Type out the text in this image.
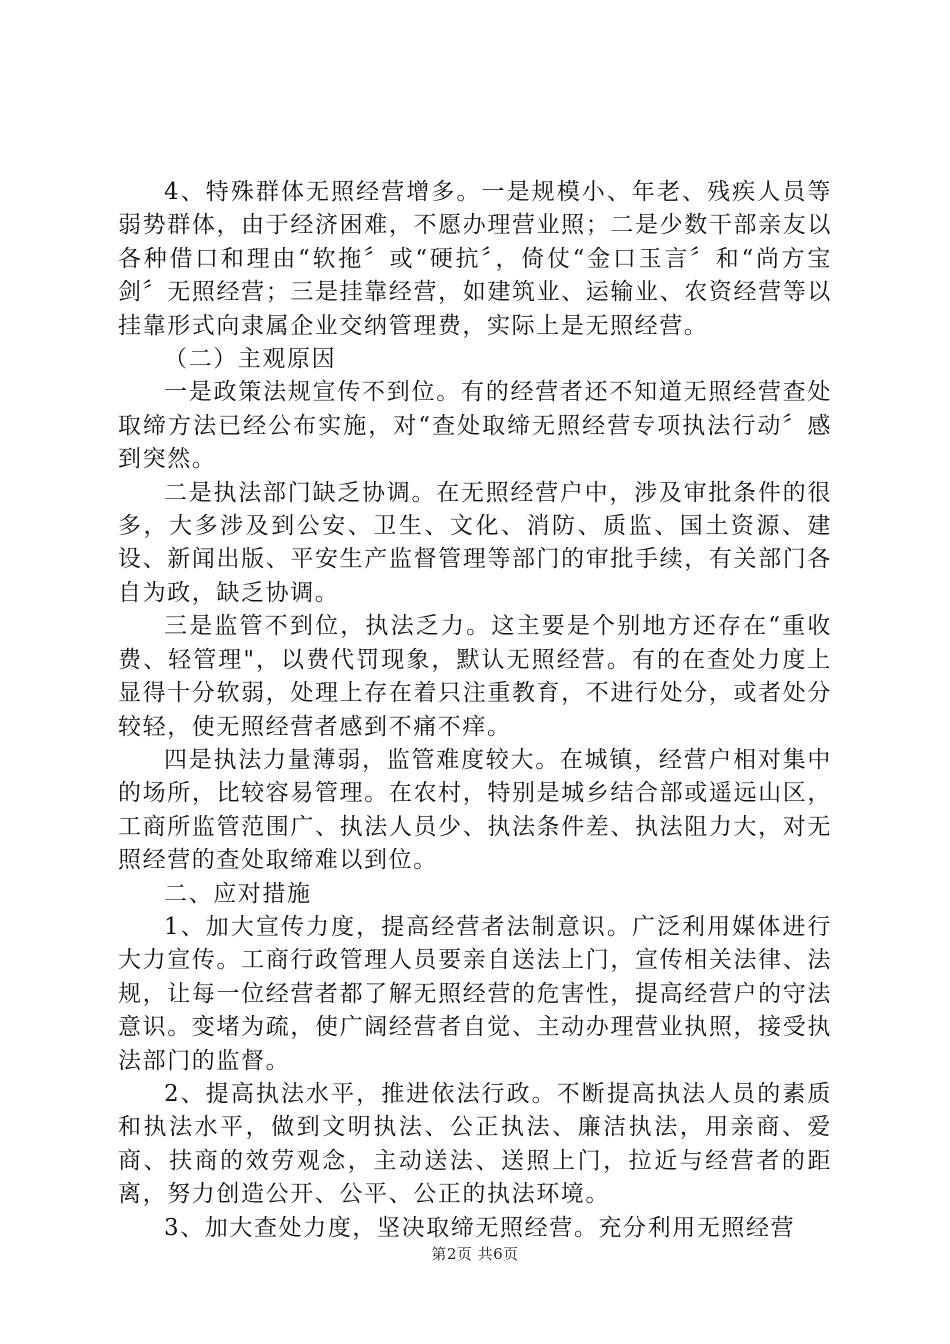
4、特殊群体无照经营增多。一是规模小、年老、残疾人员等弱势群体，由于经济困难，不愿办理营业照；二是少数干部亲友以各种借口和理由“软拖〞或“硬抗〞，倚仗“金口玉言〞和“尚方宝剑〞无照经营；三是挂靠经营，如建筑业、运输业、农资经营等以挂靠形式向隶属企业交纳管理费，实际上是无照经营。

（二）主观原因

一是政策法规宣传不到位。有的经营者还不知道无照经营查处取缔方法已经公布实施，对“查处取缔无照经营专项执法行动〞感到突然。

二是执法部门缺乏协调。在无照经营户中，涉及审批条件的很多，大多涉及到公安、卫生、文化、消防、质监、国土资源、建设、新闻出版、平安生产监督管理等部门的审批手续，有关部门各自为政，缺乏协调。

三是监管不到位，执法乏力。这主要是个别地方还存在“重收费、轻管理"，以费代罚现象，默认无照经营。有的在查处力度上显得十分软弱，处理上存在着只注重教育，不进行处分，或者处分较轻，使无照经营者感到不痛不痒。

四是执法力量薄弱，监管难度较大。在城镇，经营户相对集中的场所，比较容易管理。在农村，特别是城乡结合部或遥远山区，工商所监管范围广、执法人员少、执法条件差、执法阻力大，对无照经营的查处取缔难以到位。

二、应对措施

1、加大宣传力度，提高经营者法制意识。广泛利用媒体进行大力宣传。工商行政管理人员要亲自送法上门，宣传相关法律、法规，让每一位经营者都了解无照经营的危害性，提高经营户的守法意识。变堵为疏，使广阔经营者自觉、主动办理营业执照，接受执法部门的监督。

2、提高执法水平，推进依法行政。不断提高执法人员的素质和执法水平，做到文明执法、公正执法、廉洁执法，用亲商、爱商、扶商的效劳观念，主动送法、送照上门，拉近与经营者的距离，努力创造公开、公平、公正的执法环境。

3、加大查处力度，坚决取缔无照经营。充分利用无照经营

第2页 共6页
